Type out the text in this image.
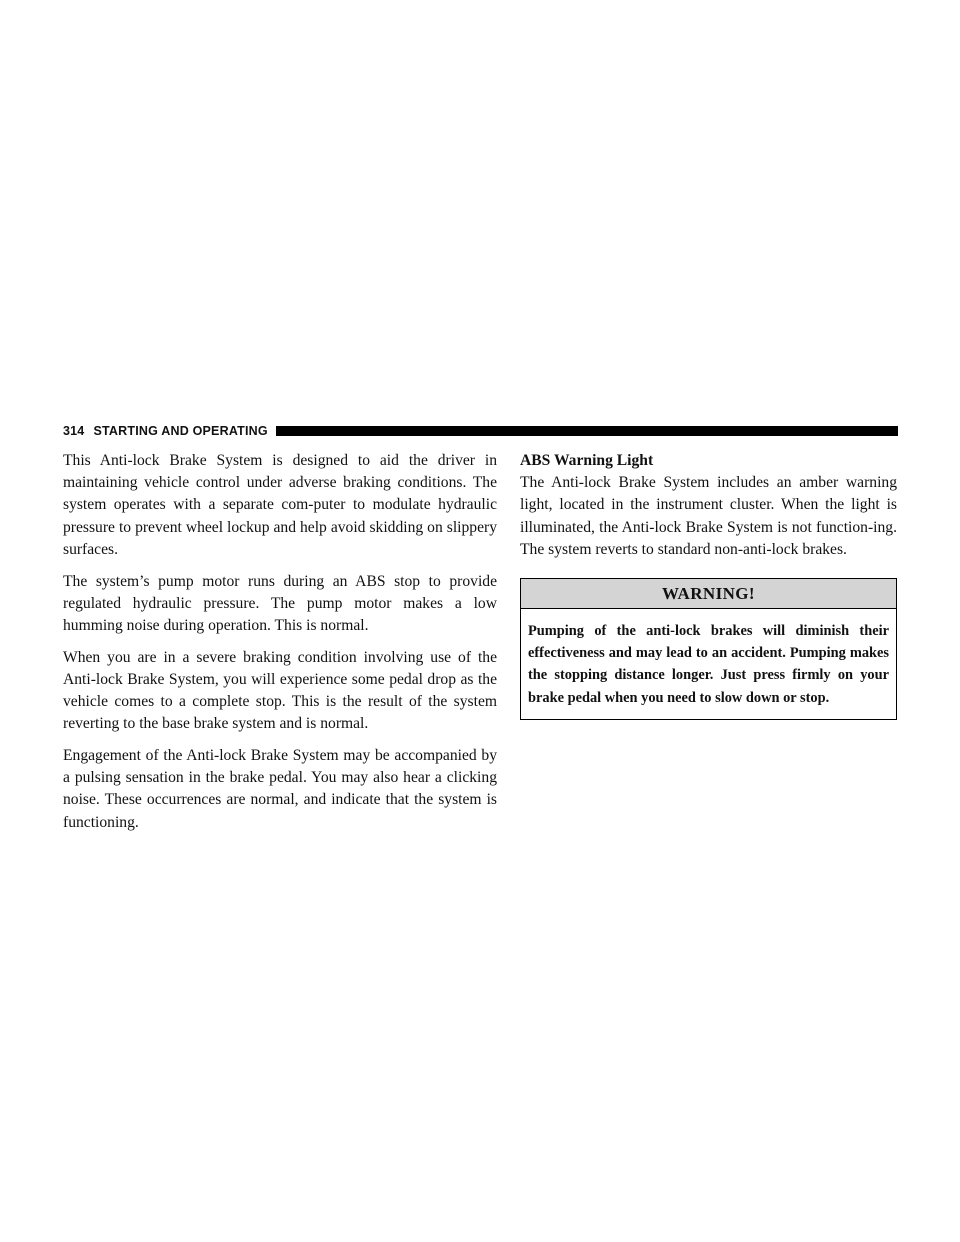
314 STARTING AND OPERATING

This Anti-lock Brake System is designed to aid the driver in maintaining vehicle control under adverse braking conditions. The system operates with a separate com-puter to modulate hydraulic pressure to prevent wheel lockup and help avoid skidding on slippery surfaces.

The system’s pump motor runs during an ABS stop to provide regulated hydraulic pressure. The pump motor makes a low humming noise during operation. This is normal.

When you are in a severe braking condition involving use of the Anti-lock Brake System, you will experience some pedal drop as the vehicle comes to a complete stop. This is the result of the system reverting to the base brake system and is normal.

Engagement of the Anti-lock Brake System may be accompanied by a pulsing sensation in the brake pedal. You may also hear a clicking noise. These occurrences are normal, and indicate that the system is functioning.

ABS Warning Light

The Anti-lock Brake System includes an amber warning light, located in the instrument cluster. When the light is illuminated, the Anti-lock Brake System is not function-ing. The system reverts to standard non-anti-lock brakes.

WARNING!

Pumping of the anti-lock brakes will diminish their effectiveness and may lead to an accident. Pumping makes the stopping distance longer. Just press firmly on your brake pedal when you need to slow down or stop.
